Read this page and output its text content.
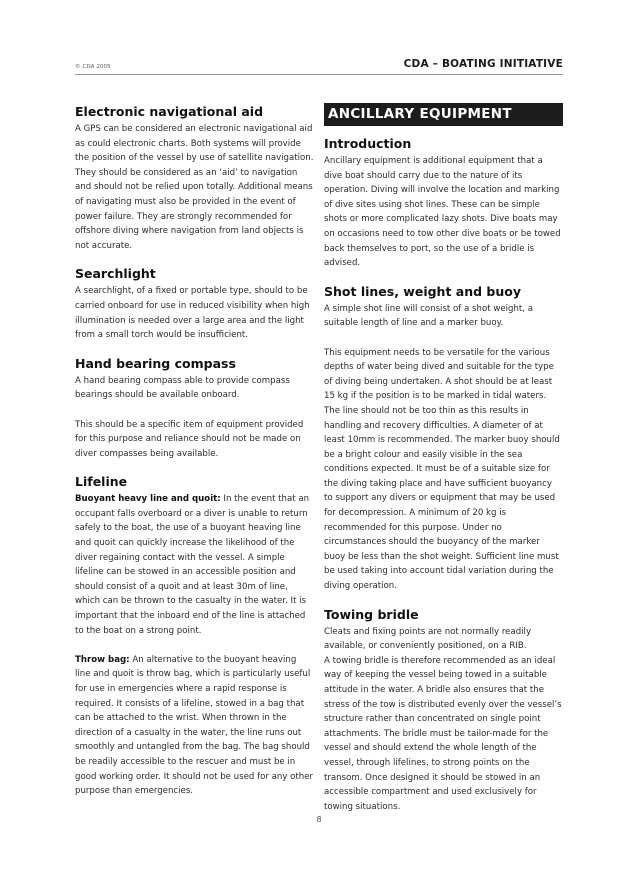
© CDA 2005	CDA – BOATING INITIATIVE
Electronic navigational aid

A GPS can be considered an electronic navigational aid as could electronic charts. Both systems will provide the position of the vessel by use of satellite navigation. They should be considered as an ‘aid’ to navigation and should not be relied upon totally. Additional means of navigating must also be provided in the event of power failure. They are strongly recommended for offshore diving where navigation from land objects is not accurate.

Searchlight

A searchlight, of a fixed or portable type, should to be carried onboard for use in reduced visibility when high illumination is needed over a large area and the light from a small torch would be insufficient.

Hand bearing compass

A hand bearing compass able to provide compass bearings should be available onboard.

This should be a specific item of equipment provided for this purpose and reliance should not be made on diver compasses being available.

Lifeline

Buoyant heavy line and quoit: In the event that an occupant falls overboard or a diver is unable to return safely to the boat, the use of a buoyant heaving line and quoit can quickly increase the likelihood of the diver regaining contact with the vessel. A simple lifeline can be stowed in an accessible position and should consist of a quoit and at least 30m of line, which can be thrown to the casualty in the water. It is important that the inboard end of the line is attached to the boat on a strong point.

Throw bag: An alternative to the buoyant heaving line and quoit is throw bag, which is particularly useful for use in emergencies where a rapid response is required. It consists of a lifeline, stowed in a bag that can be attached to the wrist. When thrown in the direction of a casualty in the water, the line runs out smoothly and untangled from the bag. The bag should be readily accessible to the rescuer and must be in good working order. It should not be used for any other purpose than emergencies.

ANCILLARY EQUIPMENT
Introduction

Ancillary equipment is additional equipment that a dive boat should carry due to the nature of its operation. Diving will involve the location and marking of dive sites using shot lines. These can be simple shots or more complicated lazy shots. Dive boats may on occasions need to tow other dive boats or be towed back themselves to port, so the use of a bridle is advised.

Shot lines, weight and buoy

A simple shot line will consist of a shot weight, a suitable length of line and a marker buoy.

This equipment needs to be versatile for the various depths of water being dived and suitable for the type of diving being undertaken. A shot should be at least 15 kg if the position is to be marked in tidal waters. The line should not be too thin as this results in handling and recovery difficulties. A diameter of at least 10mm is recommended. The marker buoy should be a bright colour and easily visible in the sea conditions expected. It must be of a suitable size for the diving taking place and have sufficient buoyancy to support any divers or equipment that may be used for decompression. A minimum of 20 kg is recommended for this purpose. Under no circumstances should the buoyancy of the marker buoy be less than the shot weight. Sufficient line must be used taking into account tidal variation during the diving operation.

Towing bridle

Cleats and fixing points are not normally readily available, or conveniently positioned, on a RIB.

A towing bridle is therefore recommended as an ideal way of keeping the vessel being towed in a suitable attitude in the water. A bridle also ensures that the stress of the tow is distributed evenly over the vessel’s structure rather than concentrated on single point attachments. The bridle must be tailor-made for the vessel and should extend the whole length of the vessel, through lifelines, to strong points on the transom. Once designed it should be stowed in an accessible compartment and used exclusively for towing situations.

8
